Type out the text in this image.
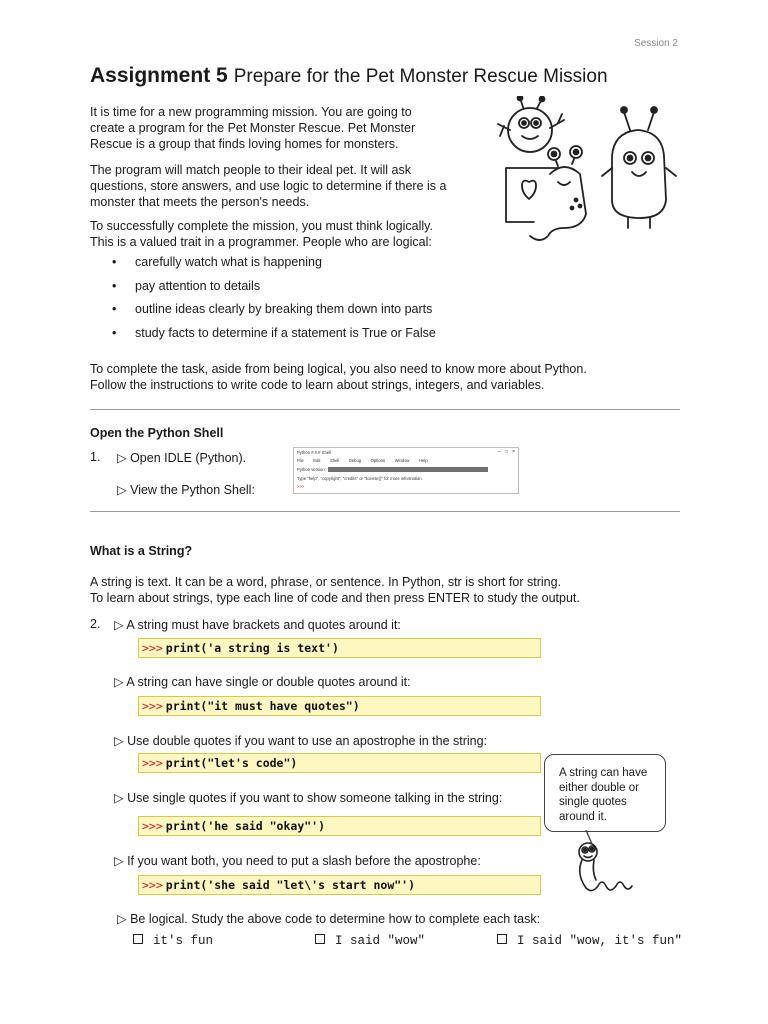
Session 2
Assignment 5 Prepare for the Pet Monster Rescue Mission
It is time for a new programming mission. You are going to
create a program for the Pet Monster Rescue. Pet Monster
Rescue is a group that finds loving homes for monsters.
The program will match people to their ideal pet. It will ask
questions, store answers, and use logic to determine if there is a
monster that meets the person's needs.
To successfully complete the mission, you must think logically.
This is a valued trait in a programmer. People who are logical:
• carefully watch what is happening
• pay attention to details
• outline ideas clearly by breaking them down into parts
• study facts to determine if a statement is True or False
To complete the task, aside from being logical, you also need to know more about Python.
Follow the instructions to write code to learn about strings, integers, and variables.
Open the Python Shell
1. ▷ Open IDLE (Python).
▷ View the Python Shell:
Python #.#.# Shell	– □ ×
File Edit Shell Debug Options Window Help
Python version:
Type "help", "copyright", "credits" or "license()" for more information.
>>>
What is a String?
A string is text. It can be a word, phrase, or sentence. In Python, str is short for string.
To learn about strings, type each line of code and then press ENTER to study the output.
2. ▷ A string must have brackets and quotes around it:
>>> print('a string is text')
▷ A string can have single or double quotes around it:
>>> print("it must have quotes")
▷ Use double quotes if you want to use an apostrophe in the string:
>>> print("let's code")
▷ Use single quotes if you want to show someone talking in the string:
>>> print('he said "okay"')
▷ If you want both, you need to put a slash before the apostrophe:
>>> print('she said "let\'s start now"')
A string can have
either double or
single quotes
around it.
▷ Be logical. Study the above code to determine how to complete each task:
it's fun	I said "wow"	I said "wow, it's fun"
